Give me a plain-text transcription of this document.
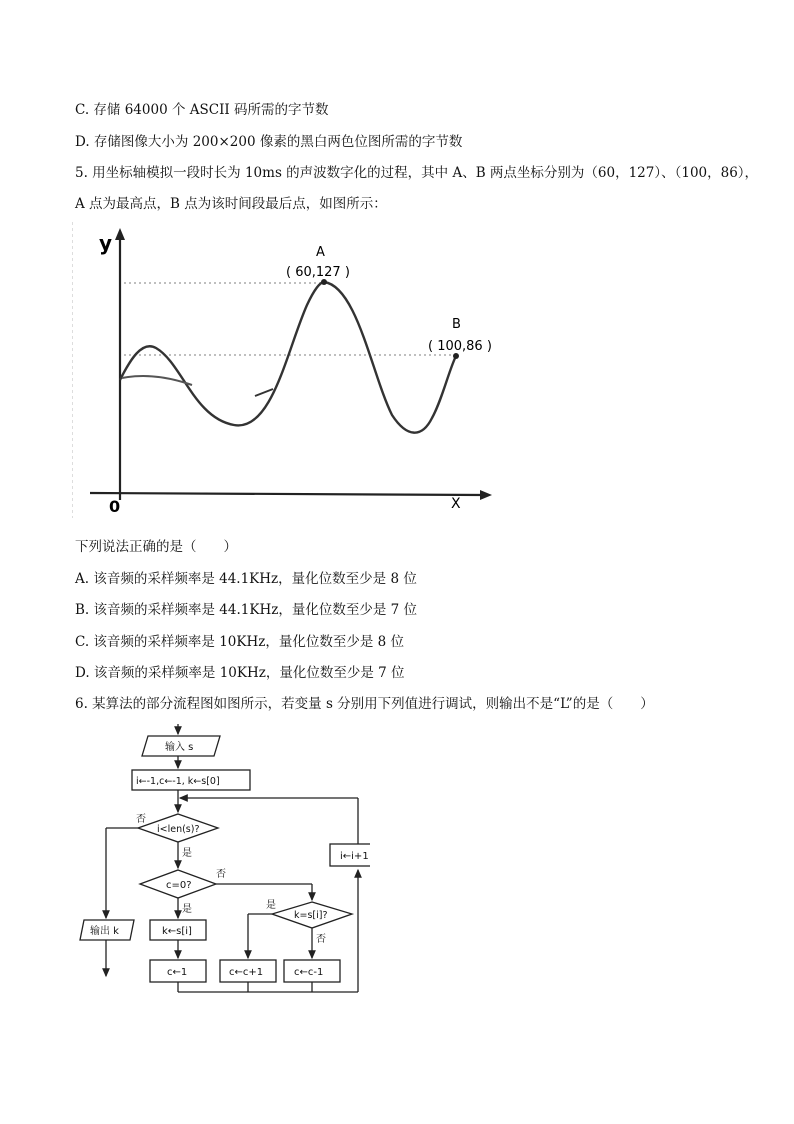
C. 存储 64000 个 ASCII 码所需的字节数
D. 存储图像大小为 200×200 像素的黑白两色位图所需的字节数
5. 用坐标轴模拟一段时长为 10ms 的声波数字化的过程，其中 A、B 两点坐标分别为（60，127）、（100，86），
A 点为最高点，B 点为该时间段最后点，如图所示：
y
0	X
A
( 60,127 )
B
( 100,86 )
下列说法正确的是（　　）
A. 该音频的采样频率是 44.1KHz，量化位数至少是 8 位
B. 该音频的采样频率是 44.1KHz，量化位数至少是 7 位
C. 该音频的采样频率是 10KHz，量化位数至少是 8 位
D. 该音频的采样频率是 10KHz，量化位数至少是 7 位
6. 某算法的部分流程图如图所示，若变量 s 分别用下列值进行调试，则输出不是“L”的是（　　）
输入 s
i←-1,c←-1, k←s[0]
i<len(s)?
否
是
c=0?
否
是
k=s[i]?
是
否
k←s[i]
c←1	c←c+1	c←c-1
i←i+1
输出 k
